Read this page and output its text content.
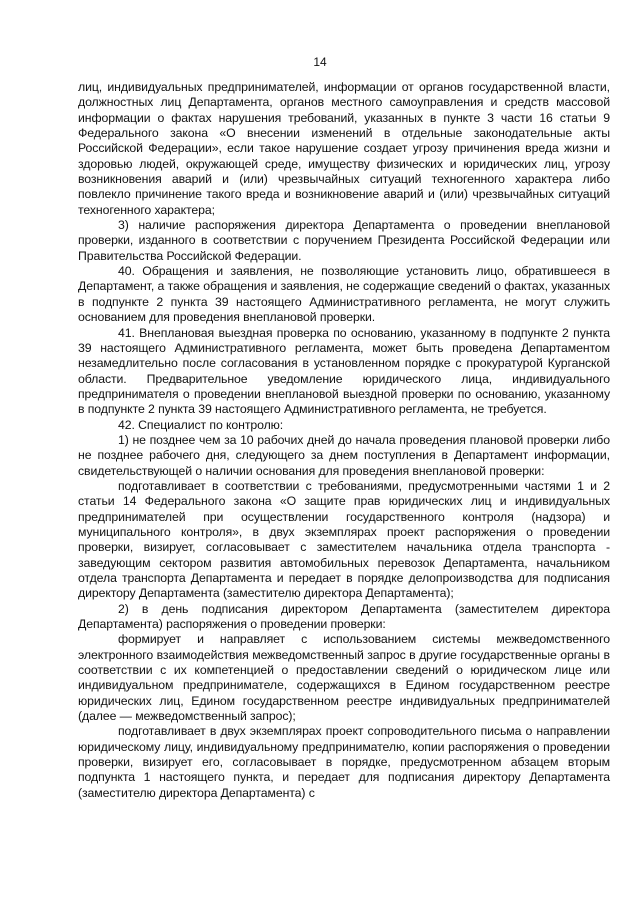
14

лиц, индивидуальных предпринимателей, информации от органов государственной власти, должностных лиц Департамента, органов местного самоуправления и средств массовой информации о фактах нарушения требований, указанных в пункте 3 части 16 статьи 9 Федерального закона «О внесении изменений в отдельные законодательные акты Российской Федерации», если такое нарушение создает угрозу причинения вреда жизни и здоровью людей, окружающей среде, имуществу физических и юридических лиц, угрозу возникновения аварий и (или) чрезвычайных ситуаций техногенного характера либо повлекло причинение такого вреда и возникновение аварий и (или) чрезвычайных ситуаций техногенного характера;

3) наличие распоряжения директора Департамента о проведении внеплановой проверки, изданного в соответствии с поручением Президента Российской Федерации или Правительства Российской Федерации.

40. Обращения и заявления, не позволяющие установить лицо, обратившееся в Департамент, а также обращения и заявления, не содержащие сведений о фактах, указанных в подпункте 2 пункта 39 настоящего Административного регламента, не могут служить основанием для проведения внеплановой проверки.

41. Внеплановая выездная проверка по основанию, указанному в подпункте 2 пункта 39 настоящего Административного регламента, может быть проведена Департаментом незамедлительно после согласования в установленном порядке с прокуратурой Курганской области. Предварительное уведомление юридического лица, индивидуального предпринимателя о проведении внеплановой выездной проверки по основанию, указанному в подпункте 2 пункта 39 настоящего Административного регламента, не требуется.

42. Специалист по контролю:

1) не позднее чем за 10 рабочих дней до начала проведения плановой проверки либо не позднее рабочего дня, следующего за днем поступления в Департамент информации, свидетельствующей о наличии основания для проведения внеплановой проверки:

подготавливает в соответствии с требованиями, предусмотренными частями 1 и 2 статьи 14 Федерального закона «О защите прав юридических лиц и индивидуальных предпринимателей при осуществлении государственного контроля (надзора) и муниципального контроля», в двух экземплярах проект распоряжения о проведении проверки, визирует, согласовывает с заместителем начальника отдела транспорта - заведующим сектором развития автомобильных перевозок Департамента, начальником отдела транспорта Департамента и передает в порядке делопроизводства для подписания директору Департамента (заместителю директора Департамента);

2) в день подписания директором Департамента (заместителем директора Департамента) распоряжения о проведении проверки:

формирует и направляет с использованием системы межведомственного электронного взаимодействия межведомственный запрос в другие государственные органы в соответствии с их компетенцией о предоставлении сведений о юридическом лице или индивидуальном предпринимателе, содержащихся в Едином государственном реестре юридических лиц, Едином государственном реестре индивидуальных предпринимателей (далее — межведомственный запрос);

подготавливает в двух экземплярах проект сопроводительного письма о направлении юридическому лицу, индивидуальному предпринимателю, копии распоряжения о проведении проверки, визирует его, согласовывает в порядке, предусмотренном абзацем вторым подпункта 1 настоящего пункта, и передает для подписания директору Департамента (заместителю директора Департамента) с
